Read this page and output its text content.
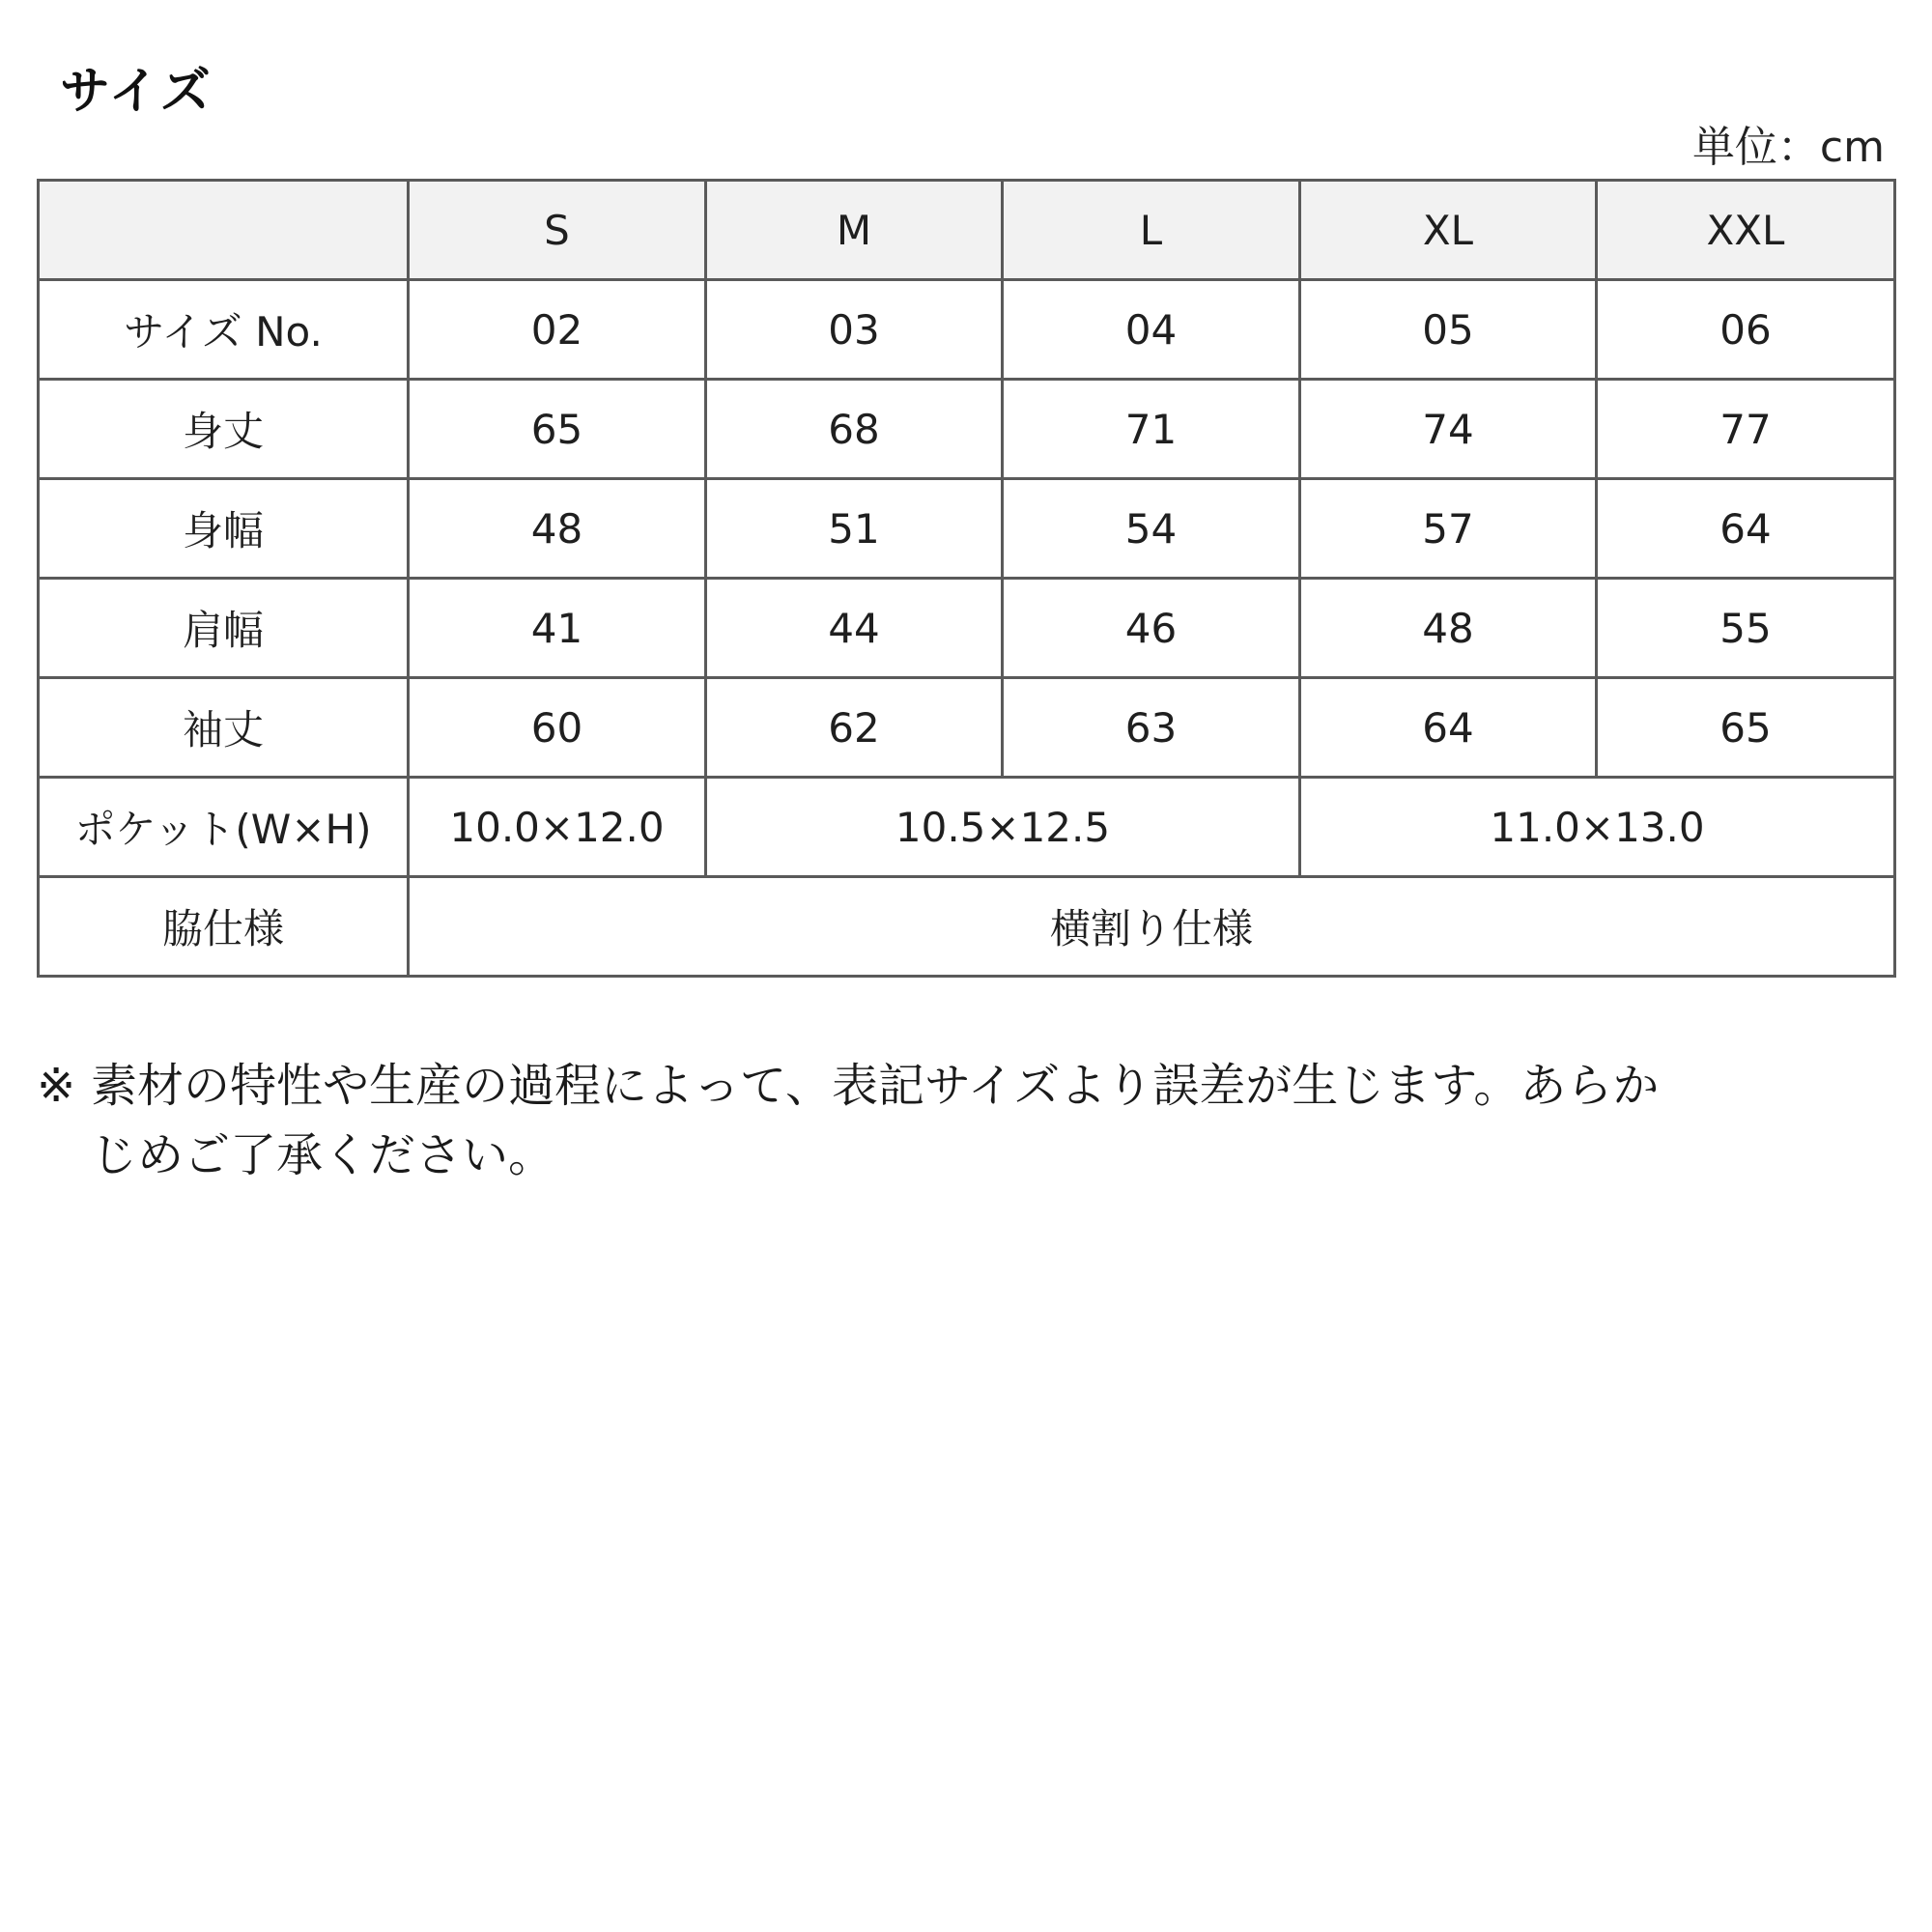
サイズ
単位：cm
	S	M	L	XL	XXL
サイズ No.	02	03	04	05	06
身丈	65	68	71	74	77
身幅	48	51	54	57	64
肩幅	41	44	46	48	55
袖丈	60	62	63	64	65
ポケット(W×H)	10.0×12.0	10.5×12.5		11.0×13.0	
脇仕様	横割り仕様				
※ 素材の特性や生産の過程によって、表記サイズより誤差が生じます。あらか
じめご了承ください。
